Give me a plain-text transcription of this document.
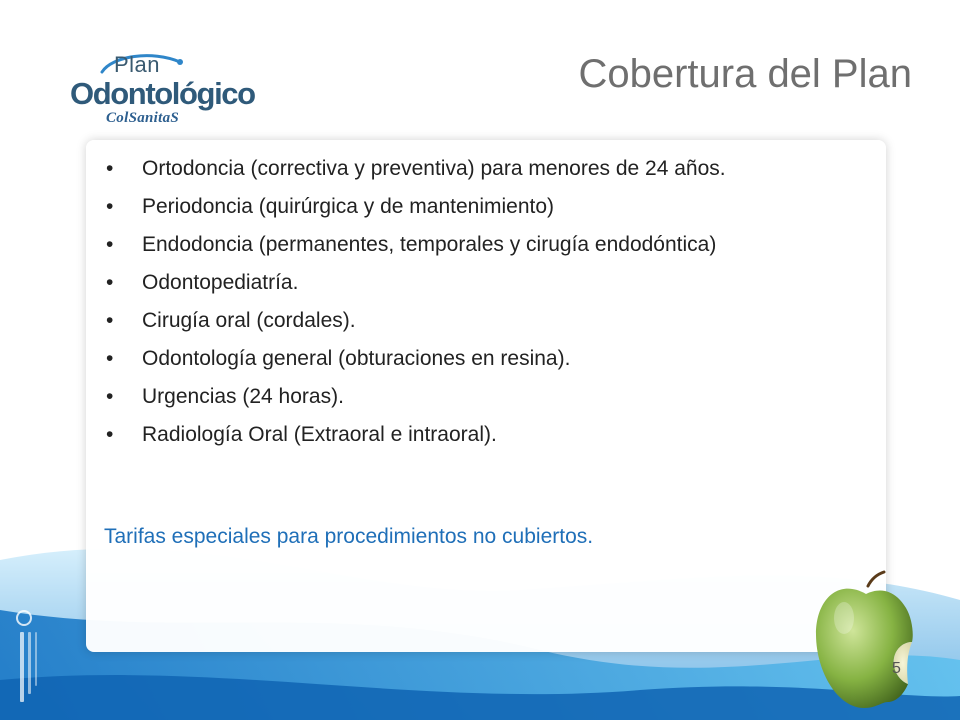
Plan
Odontológico
ColSanitaS
Cobertura del Plan
• Ortodoncia (correctiva y preventiva) para menores de 24 años.
• Periodoncia (quirúrgica y de mantenimiento)
• Endodoncia (permanentes, temporales y cirugía endodóntica)
• Odontopediatría.
• Cirugía oral (cordales).
• Odontología general (obturaciones en resina).
• Urgencias (24 horas).
• Radiología Oral (Extraoral e intraoral).
Tarifas especiales para procedimientos no cubiertos.
5
